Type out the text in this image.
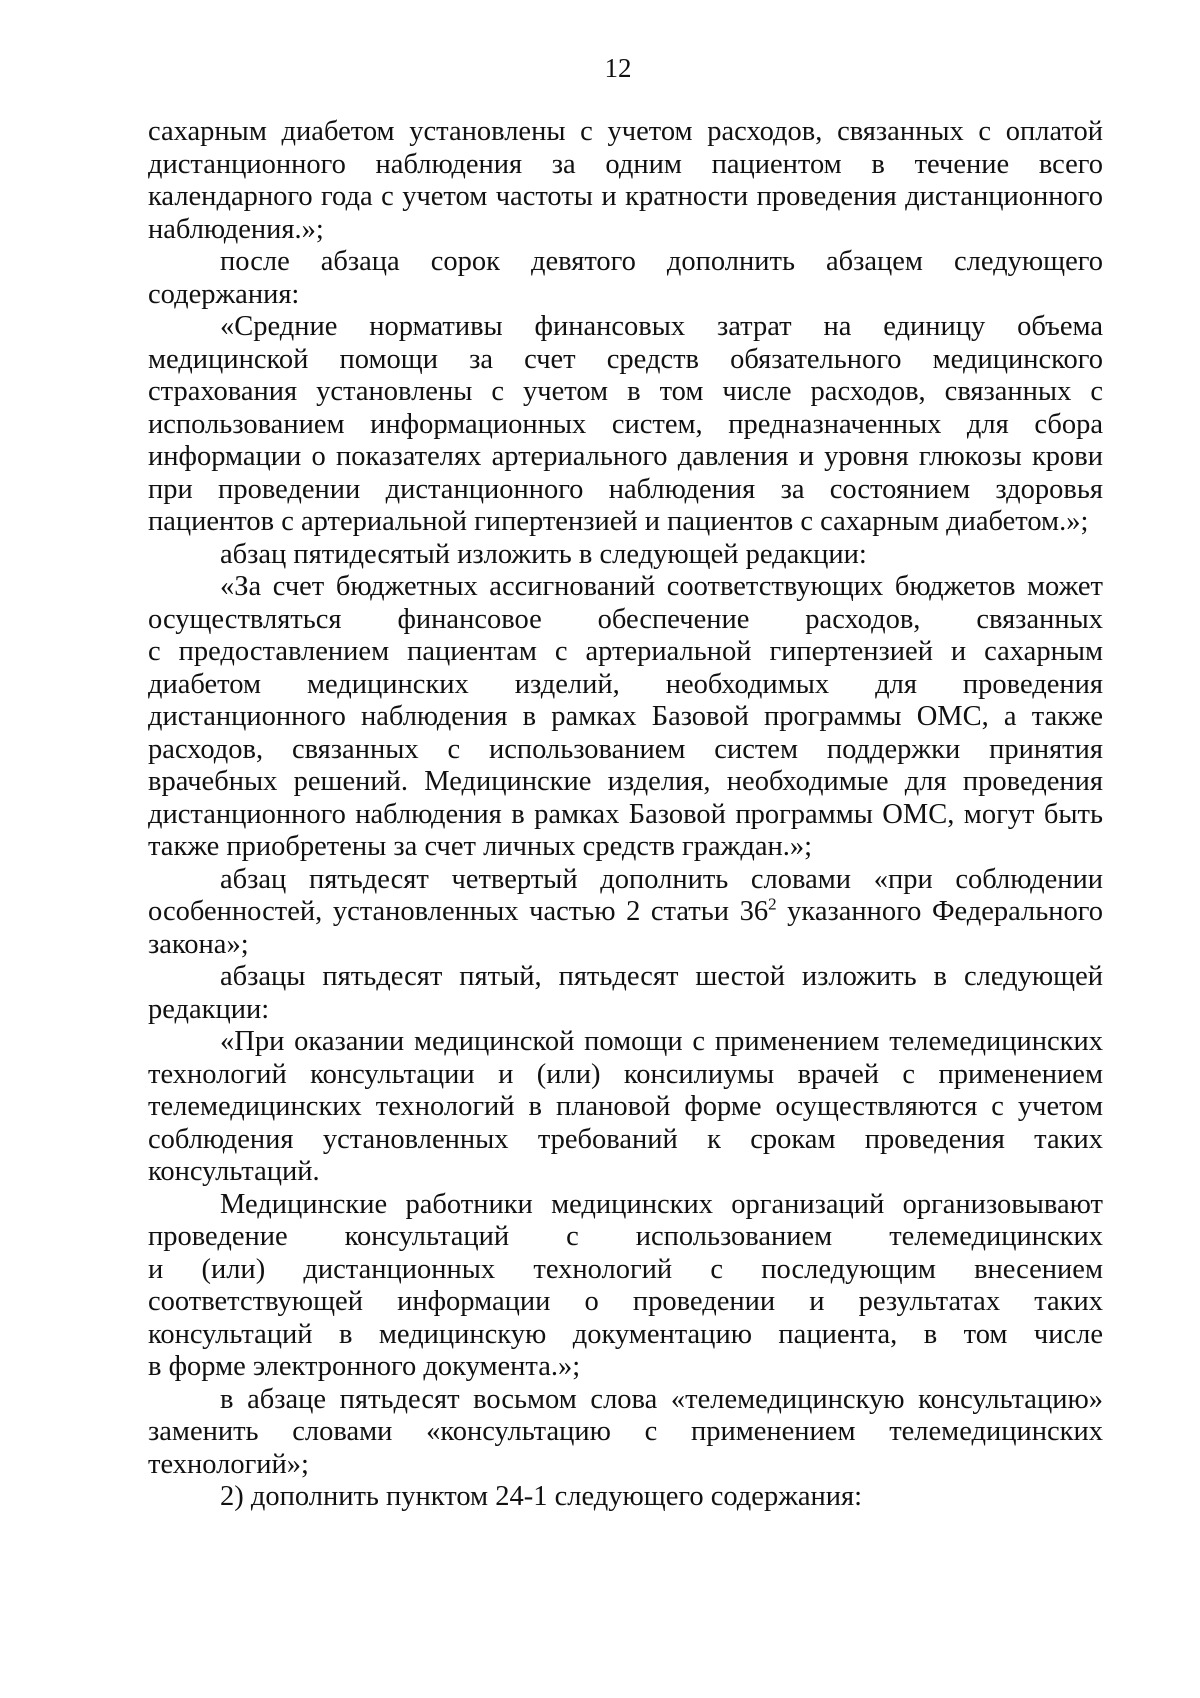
12
сахарным диабетом установлены с учетом расходов, связанных с оплатой
дистанционного наблюдения за одним пациентом в течение всего
календарного года с учетом частоты и кратности проведения дистанционного
наблюдения.»;
после абзаца сорок девятого дополнить абзацем следующего
содержания:
«Средние нормативы финансовых затрат на единицу объема
медицинской помощи за счет средств обязательного медицинского
страхования установлены с учетом в том числе расходов, связанных с
использованием информационных систем, предназначенных для сбора
информации о показателях артериального давления и уровня глюкозы крови
при проведении дистанционного наблюдения за состоянием здоровья
пациентов с артериальной гипертензией и пациентов с сахарным диабетом.»;
абзац пятидесятый изложить в следующей редакции:
«За счет бюджетных ассигнований соответствующих бюджетов может
осуществляться финансовое обеспечение расходов, связанных
с предоставлением пациентам с артериальной гипертензией и сахарным
диабетом медицинских изделий, необходимых для проведения
дистанционного наблюдения в рамках Базовой программы ОМС, а также
расходов, связанных с использованием систем поддержки принятия
врачебных решений. Медицинские изделия, необходимые для проведения
дистанционного наблюдения в рамках Базовой программы ОМС, могут быть
также приобретены за счет личных средств граждан.»;
абзац пятьдесят четвертый дополнить словами «при соблюдении
особенностей, установленных частью 2 статьи $36^2$ указанного Федерального
закона»;
абзацы пятьдесят пятый, пятьдесят шестой изложить в следующей
редакции:
«При оказании медицинской помощи с применением телемедицинских
технологий консультации и (или) консилиумы врачей с применением
телемедицинских технологий в плановой форме осуществляются с учетом
соблюдения установленных требований к срокам проведения таких
консультаций.
Медицинские работники медицинских организаций организовывают
проведение консультаций с использованием телемедицинских
и (или) дистанционных технологий с последующим внесением
соответствующей информации о проведении и результатах таких
консультаций в медицинскую документацию пациента, в том числе
в форме электронного документа.»;
в абзаце пятьдесят восьмом слова «телемедицинскую консультацию»
заменить словами «консультацию с применением телемедицинских
технологий»;
2) дополнить пунктом 24-1 следующего содержания:
